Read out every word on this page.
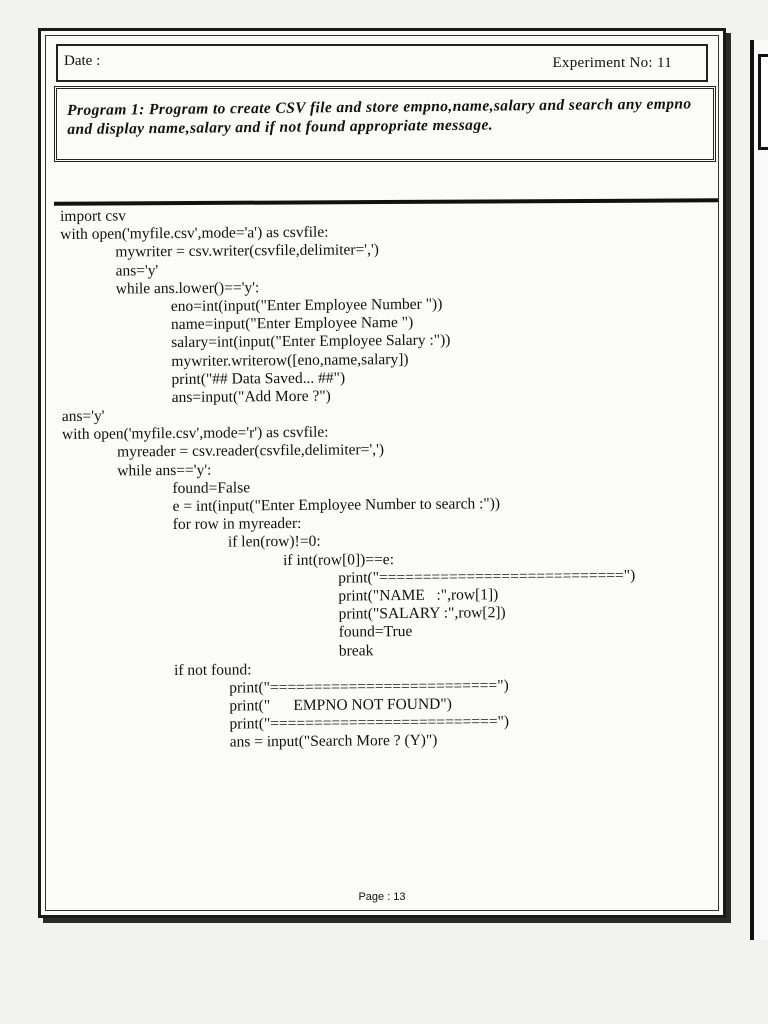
Date :	Experiment No: 11
Program 1: Program to create CSV file and store empno,name,salary and search any empno and display name,salary and if not found appropriate message.
import csv
with open('myfile.csv',mode='a') as csvfile:
mywriter = csv.writer(csvfile,delimiter=',')
ans='y'
while ans.lower()=='y':
eno=int(input("Enter Employee Number "))
name=input("Enter Employee Name ")
salary=int(input("Enter Employee Salary :"))
mywriter.writerow([eno,name,salary])
print("## Data Saved... ##")
ans=input("Add More ?")
ans='y'
with open('myfile.csv',mode='r') as csvfile:
myreader = csv.reader(csvfile,delimiter=',')
while ans=='y':
found=False
e = int(input("Enter Employee Number to search :"))
for row in myreader:
if len(row)!=0:
if int(row[0])==e:
print("============================")
print("NAME   :",row[1])
print("SALARY :",row[2])
found=True
break
if not found:
print("==========================")
print("      EMPNO NOT FOUND")
print("==========================")
ans = input("Search More ? (Y)")
Page : 13
